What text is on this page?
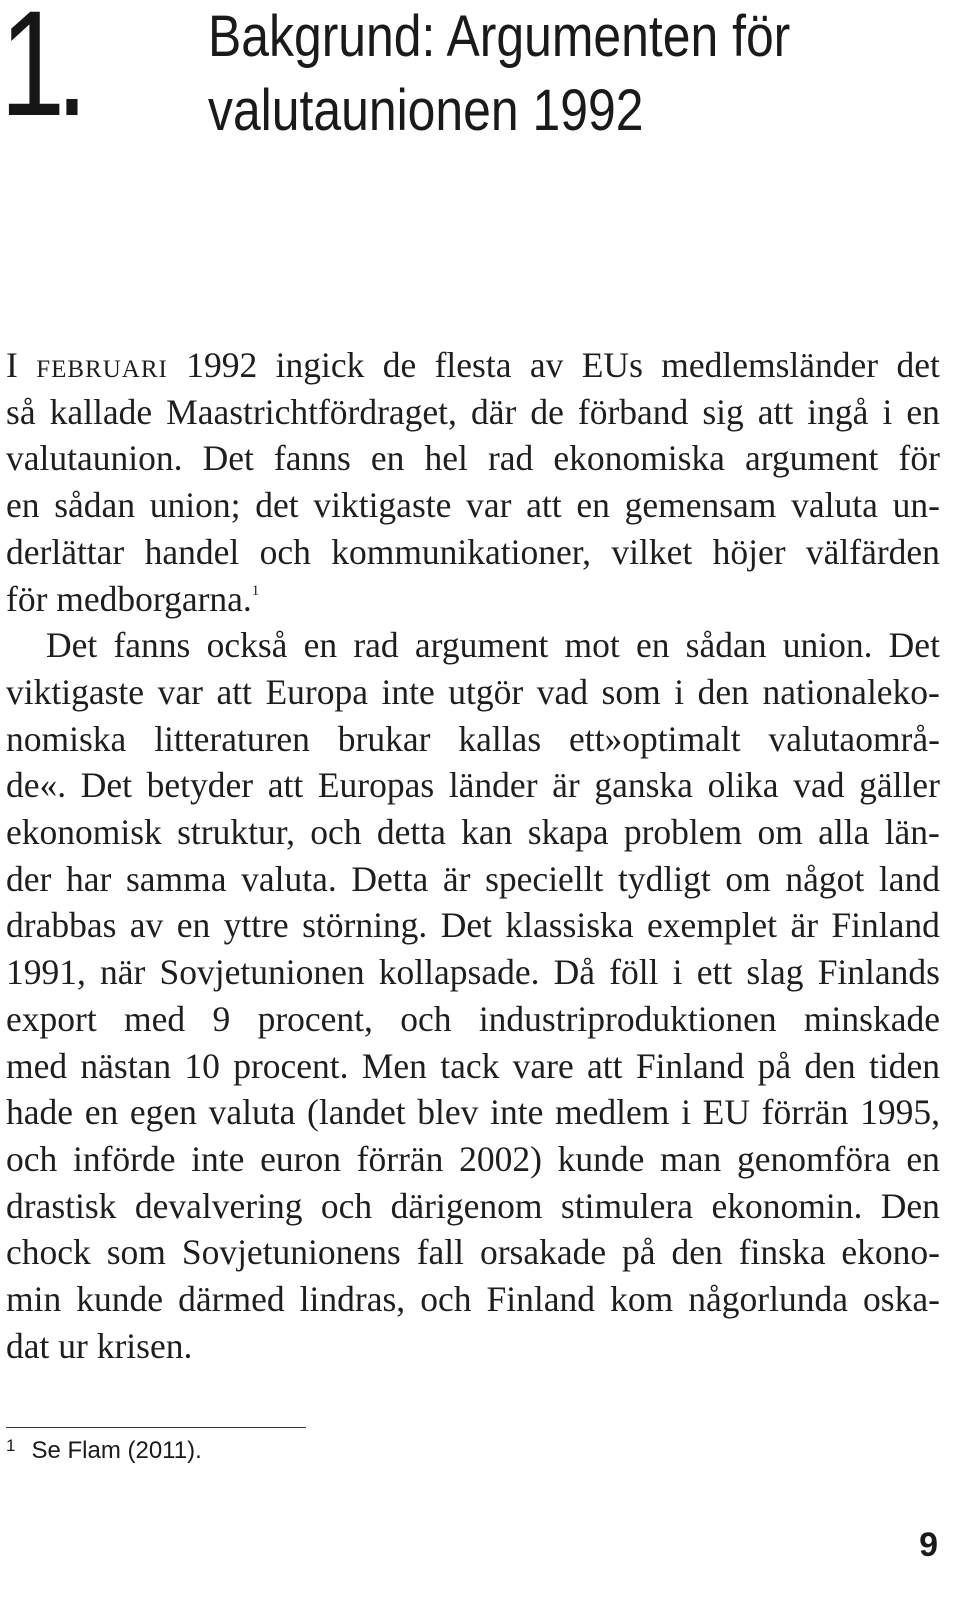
1. Bakgrund: Argumenten för
valutaunionen 1992
I februari 1992 ingick de flesta av EUs medlemsländer det
så kallade Maastrichtfördraget, där de förband sig att ingå i en
valutaunion. Det fanns en hel rad ekonomiska argument för
en sådan union; det viktigaste var att en gemensam valuta un-
derlättar handel och kommunikationer, vilket höjer välfärden
för medborgarna.$^1$
Det fanns också en rad argument mot en sådan union. Det
viktigaste var att Europa inte utgör vad som i den nationaleko-
nomiska litteraturen brukar kallas ett»optimalt valutaområ-
de«. Det betyder att Europas länder är ganska olika vad gäller
ekonomisk struktur, och detta kan skapa problem om alla län-
der har samma valuta. Detta är speciellt tydligt om något land
drabbas av en yttre störning. Det klassiska exemplet är Finland
1991, när Sovjetunionen kollapsade. Då föll i ett slag Finlands
export med 9 procent, och industriproduktionen minskade
med nästan 10 procent. Men tack vare att Finland på den tiden
hade en egen valuta (landet blev inte medlem i EU förrän 1995,
och införde inte euron förrän 2002) kunde man genomföra en
drastisk devalvering och därigenom stimulera ekonomin. Den
chock som Sovjetunionens fall orsakade på den finska ekono-
min kunde därmed lindras, och Finland kom någorlunda oska-
dat ur krisen.
$^1$ Se Flam (2011).
9
